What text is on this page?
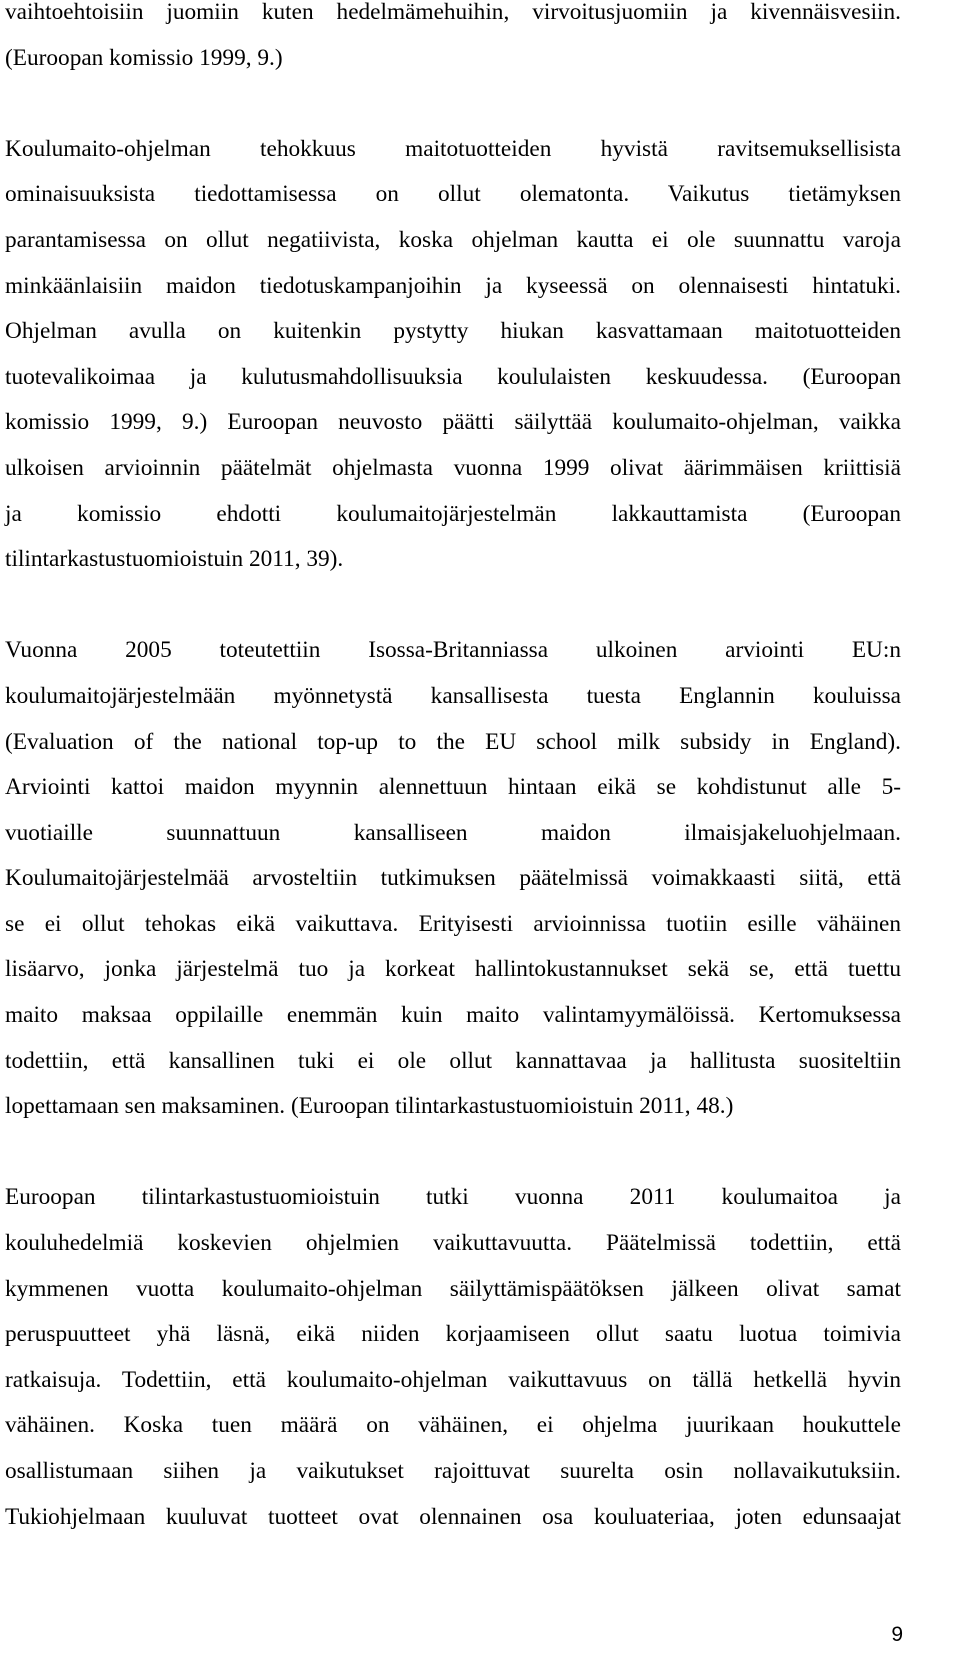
vaihtoehtoisiin juomiin kuten hedelmämehuihin, virvoitusjuomiin ja kivennäisvesiin.
(Euroopan komissio 1999, 9.)
Koulumaito-ohjelman tehokkuus maitotuotteiden hyvistä ravitsemuksellisista
ominaisuuksista tiedottamisessa on ollut olematonta. Vaikutus tietämyksen
parantamisessa on ollut negatiivista, koska ohjelman kautta ei ole suunnattu varoja
minkäänlaisiin maidon tiedotuskampanjoihin ja kyseessä on olennaisesti hintatuki.
Ohjelman avulla on kuitenkin pystytty hiukan kasvattamaan maitotuotteiden
tuotevalikoimaa ja kulutusmahdollisuuksia koululaisten keskuudessa. (Euroopan
komissio 1999, 9.) Euroopan neuvosto päätti säilyttää koulumaito-ohjelman, vaikka
ulkoisen arvioinnin päätelmät ohjelmasta vuonna 1999 olivat äärimmäisen kriittisiä
ja komissio ehdotti koulumaitojärjestelmän lakkauttamista (Euroopan
tilintarkastustuomioistuin 2011, 39).
Vuonna 2005 toteutettiin Isossa-Britanniassa ulkoinen arviointi EU:n
koulumaitojärjestelmään myönnetystä kansallisesta tuesta Englannin kouluissa
(Evaluation of the national top-up to the EU school milk subsidy in England).
Arviointi kattoi maidon myynnin alennettuun hintaan eikä se kohdistunut alle 5-
vuotiaille suunnattuun kansalliseen maidon ilmaisjakeluohjelmaan.
Koulumaitojärjestelmää arvosteltiin tutkimuksen päätelmissä voimakkaasti siitä, että
se ei ollut tehokas eikä vaikuttava. Erityisesti arvioinnissa tuotiin esille vähäinen
lisäarvo, jonka järjestelmä tuo ja korkeat hallintokustannukset sekä se, että tuettu
maito maksaa oppilaille enemmän kuin maito valintamyymälöissä. Kertomuksessa
todettiin, että kansallinen tuki ei ole ollut kannattavaa ja hallitusta suositeltiin
lopettamaan sen maksaminen. (Euroopan tilintarkastustuomioistuin 2011, 48.)
Euroopan tilintarkastustuomioistuin tutki vuonna 2011 koulumaitoa ja
kouluhedelmiä koskevien ohjelmien vaikuttavuutta. Päätelmissä todettiin, että
kymmenen vuotta koulumaito-ohjelman säilyttämispäätöksen jälkeen olivat samat
peruspuutteet yhä läsnä, eikä niiden korjaamiseen ollut saatu luotua toimivia
ratkaisuja. Todettiin, että koulumaito-ohjelman vaikuttavuus on tällä hetkellä hyvin
vähäinen. Koska tuen määrä on vähäinen, ei ohjelma juurikaan houkuttele
osallistumaan siihen ja vaikutukset rajoittuvat suurelta osin nollavaikutuksiin.
Tukiohjelmaan kuuluvat tuotteet ovat olennainen osa kouluateriaa, joten edunsaajat
9
